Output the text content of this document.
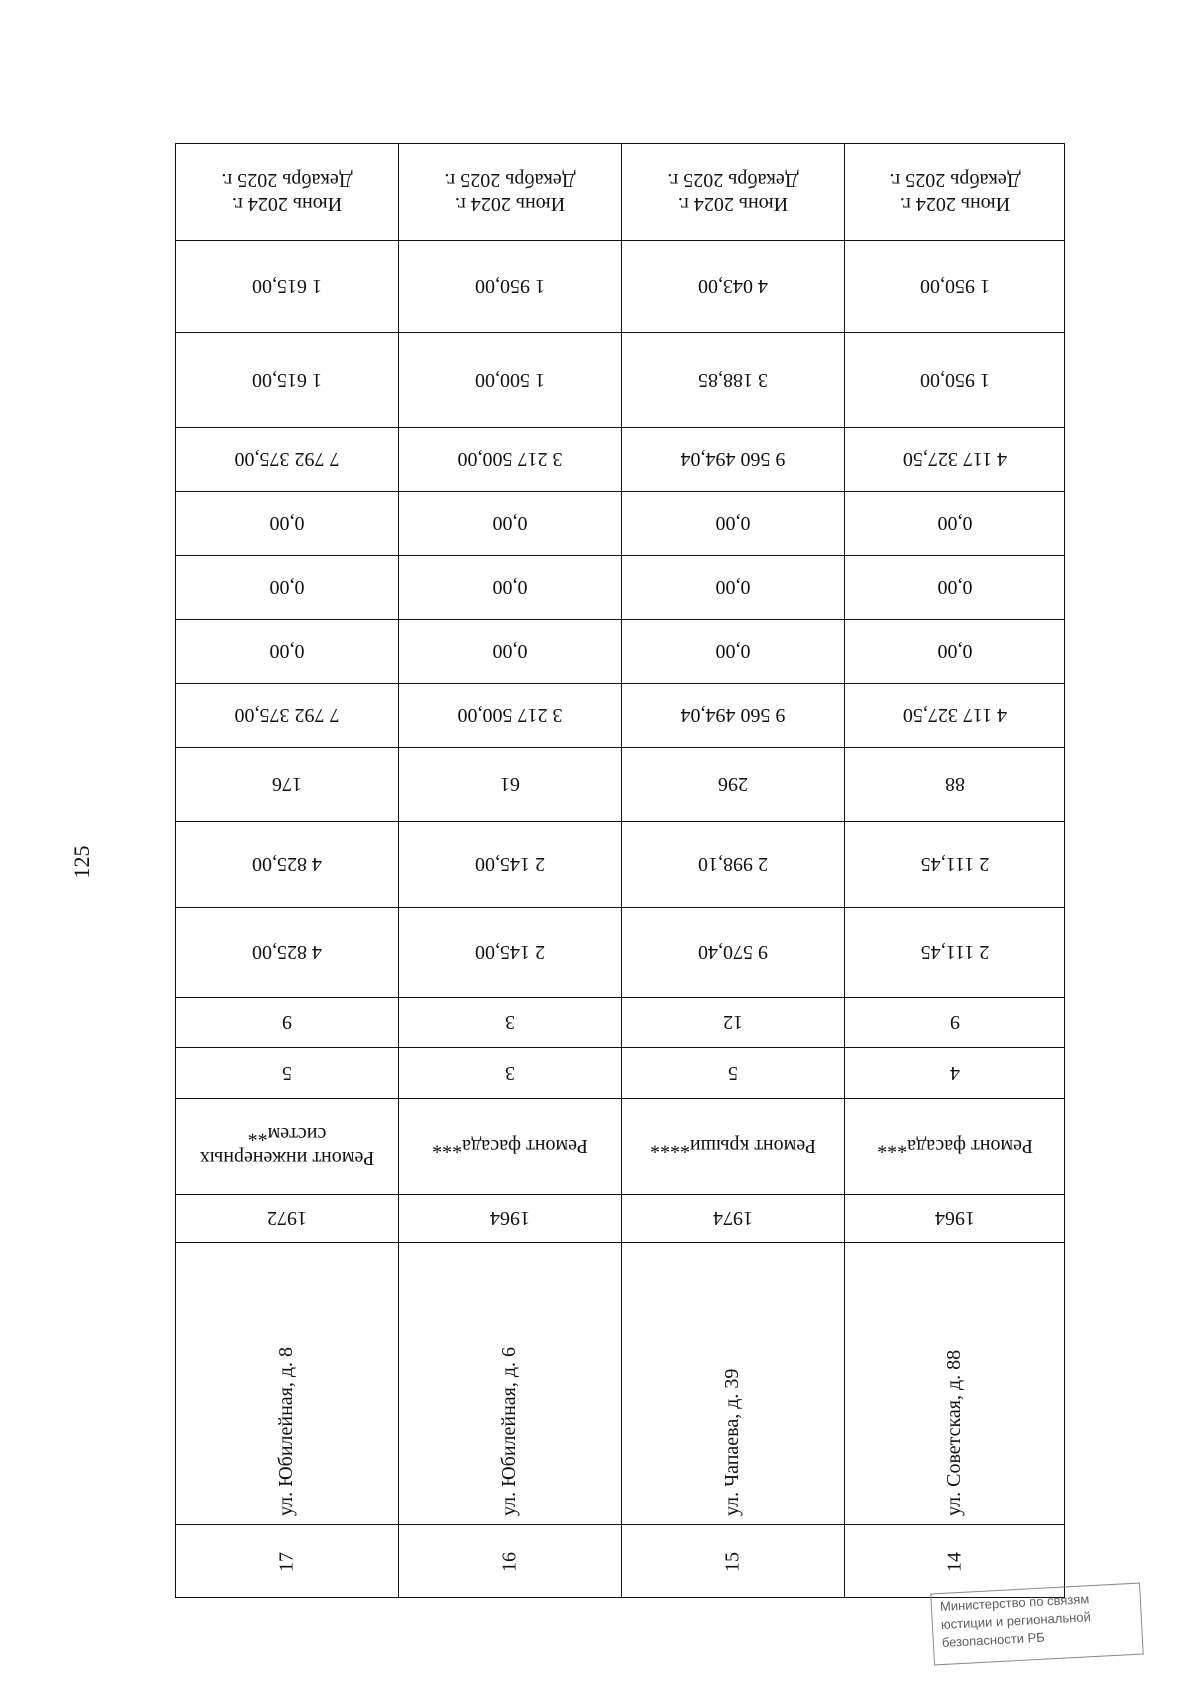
125
Июнь 2024 г.
Декабрь 2025 г.
1 615,00
1 615,00
7 792 375,00
0,00
0,00
0,00
7 792 375,00
176
4 825,00
4 825,00
9
5
Ремонт инженерных
систем**
1972
ул. Юбилейная, д. 8
17
Июнь 2024 г.
Декабрь 2025 г.
1 950,00
1 500,00
3 217 500,00
0,00
0,00
0,00
3 217 500,00
61
2 145,00
2 145,00
3
3
Ремонт фасада***
1964
ул. Юбилейная, д. 6
16
Июнь 2024 г.
Декабрь 2025 г.
4 043,00
3 188,85
9 560 494,04
0,00
0,00
0,00
9 560 494,04
296
2 998,10
9 570,40
12
5
Ремонт крыши****
1974
ул. Чапаева, д. 39
15
Июнь 2024 г.
Декабрь 2025 г.
1 950,00
1 950,00
4 117 327,50
0,00
0,00
0,00
4 117 327,50
88
2 111,45
2 111,45
9
4
Ремонт фасада***
1964
ул. Советская, д. 88
14
Министерство по связям
юстиции и региональной
безопасности РБ
